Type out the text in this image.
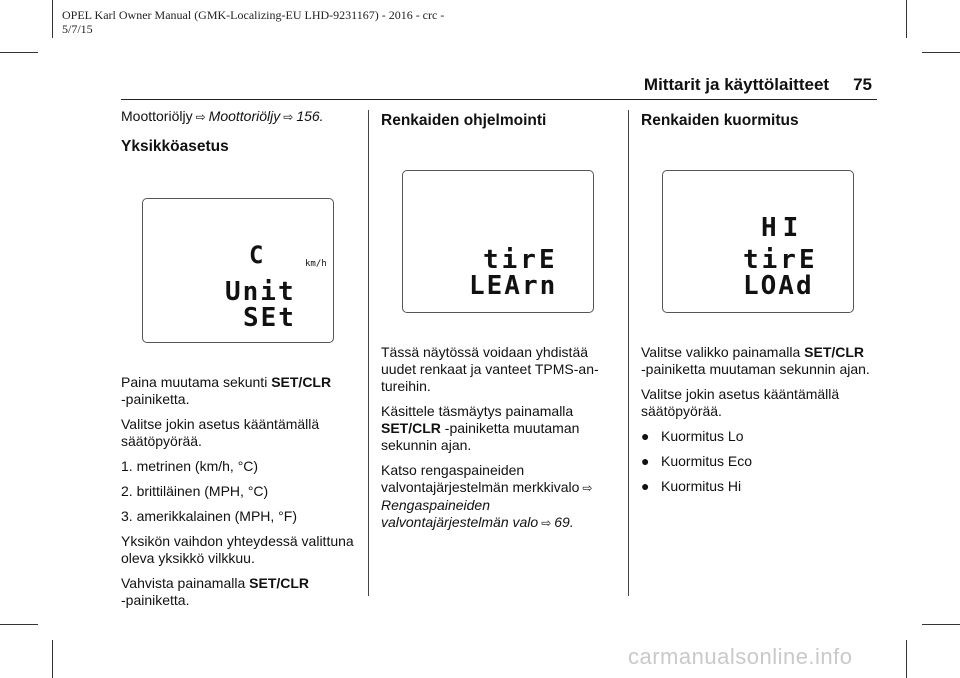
OPEL Karl Owner Manual (GMK-Localizing-EU LHD-9231167) - 2016 - crc -
5/7/15
Mittarit ja käyttölaitteet 75

Moottoriöljy ⇨ Moottoriöljy ⇨ 156.

Yksikköasetus
Ϲ	km/h
Unit
SEt

Paina muutama sekunti SET/CLR
-painiketta.

Valitse jokin asetus kääntämällä säätöpyörää.

1. metrinen (km/h, °C)

2. brittiläinen (MPH, °C)

3. amerikkalainen (MPH, °F)

Yksikön vaihdon yhteydessä valittuna oleva yksikkö vilkkuu.

Vahvista painamalla SET/CLR
-painiketta.

Renkaiden ohjelmointi
tirE
LEArn

Tässä näytössä voidaan yhdistää uudet renkaat ja vanteet TPMS-antureihin.

Käsittele täsmäytys painamalla
SET/CLR -painiketta muutaman sekunnin ajan.

Katso rengaspaineiden valvontajärjestelmän merkkivalo ⇨Rengaspaineiden valvontajärjestelmän valo ⇨ 69.

Renkaiden kuormitus
HI
tirE
LOAd

Valitse valikko painamalla SET/CLR
-painiketta muutaman sekunnin ajan.

Valitse jokin asetus kääntämällä säätöpyörää.

● Kuormitus Lo
● Kuormitus Eco
● Kuormitus Hi
carmanualsonline.info
